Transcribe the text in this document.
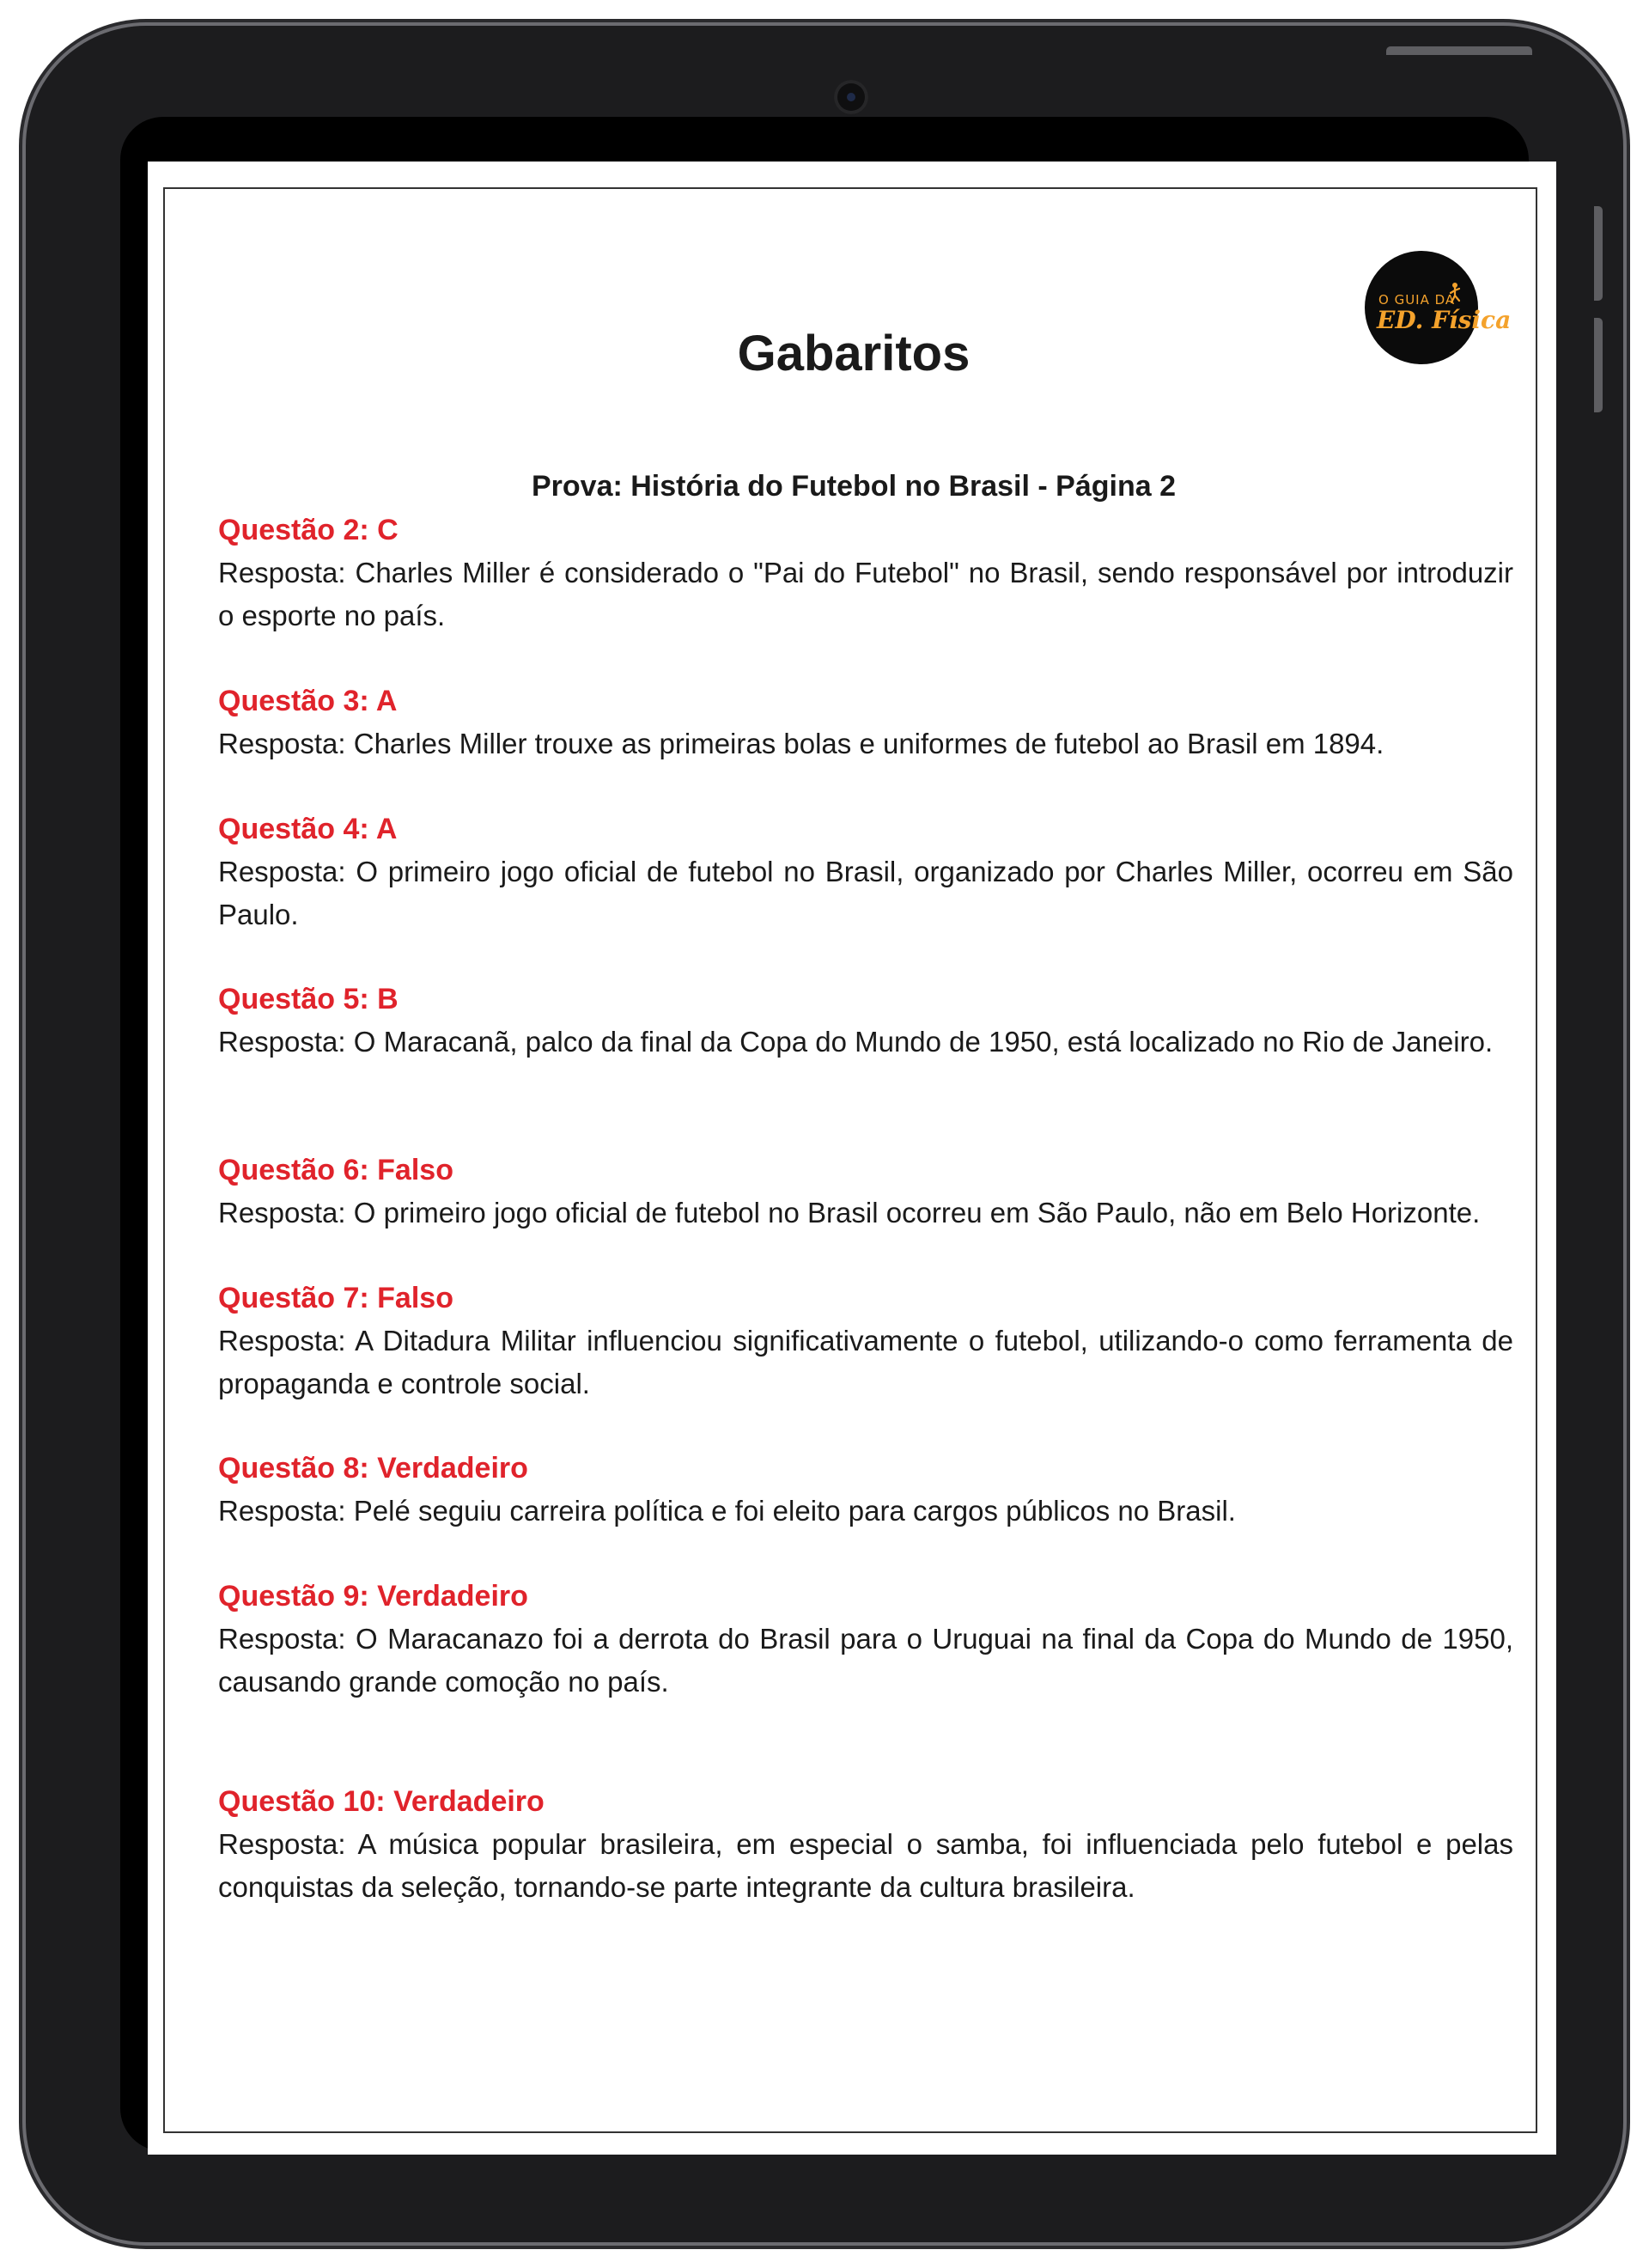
O GUIA DA
ED. Física
Gabaritos
Prova: História do Futebol no Brasil - Página 2
Questão 2: C
Resposta: Charles Miller é considerado o "Pai do Futebol" no Brasil, sendo responsável por introduzir o esporte no país.
Questão 3: A
Resposta: Charles Miller trouxe as primeiras bolas e uniformes de futebol ao Brasil em 1894.
Questão 4: A
Resposta: O primeiro jogo oficial de futebol no Brasil, organizado por Charles Miller, ocorreu em São Paulo.
Questão 5: B
Resposta: O Maracanã, palco da final da Copa do Mundo de 1950, está localizado no Rio de Janeiro.
Questão 6: Falso
Resposta: O primeiro jogo oficial de futebol no Brasil ocorreu em São Paulo, não em Belo Horizonte.
Questão 7: Falso
Resposta: A Ditadura Militar influenciou significativamente o futebol, utilizando-o como ferramenta de propaganda e controle social.
Questão 8: Verdadeiro
Resposta: Pelé seguiu carreira política e foi eleito para cargos públicos no Brasil.
Questão 9: Verdadeiro
Resposta: O Maracanazo foi a derrota do Brasil para o Uruguai na final da Copa do Mundo de 1950, causando grande comoção no país.
Questão 10: Verdadeiro
Resposta: A música popular brasileira, em especial o samba, foi influenciada pelo futebol e pelas conquistas da seleção, tornando-se parte integrante da cultura brasileira.
